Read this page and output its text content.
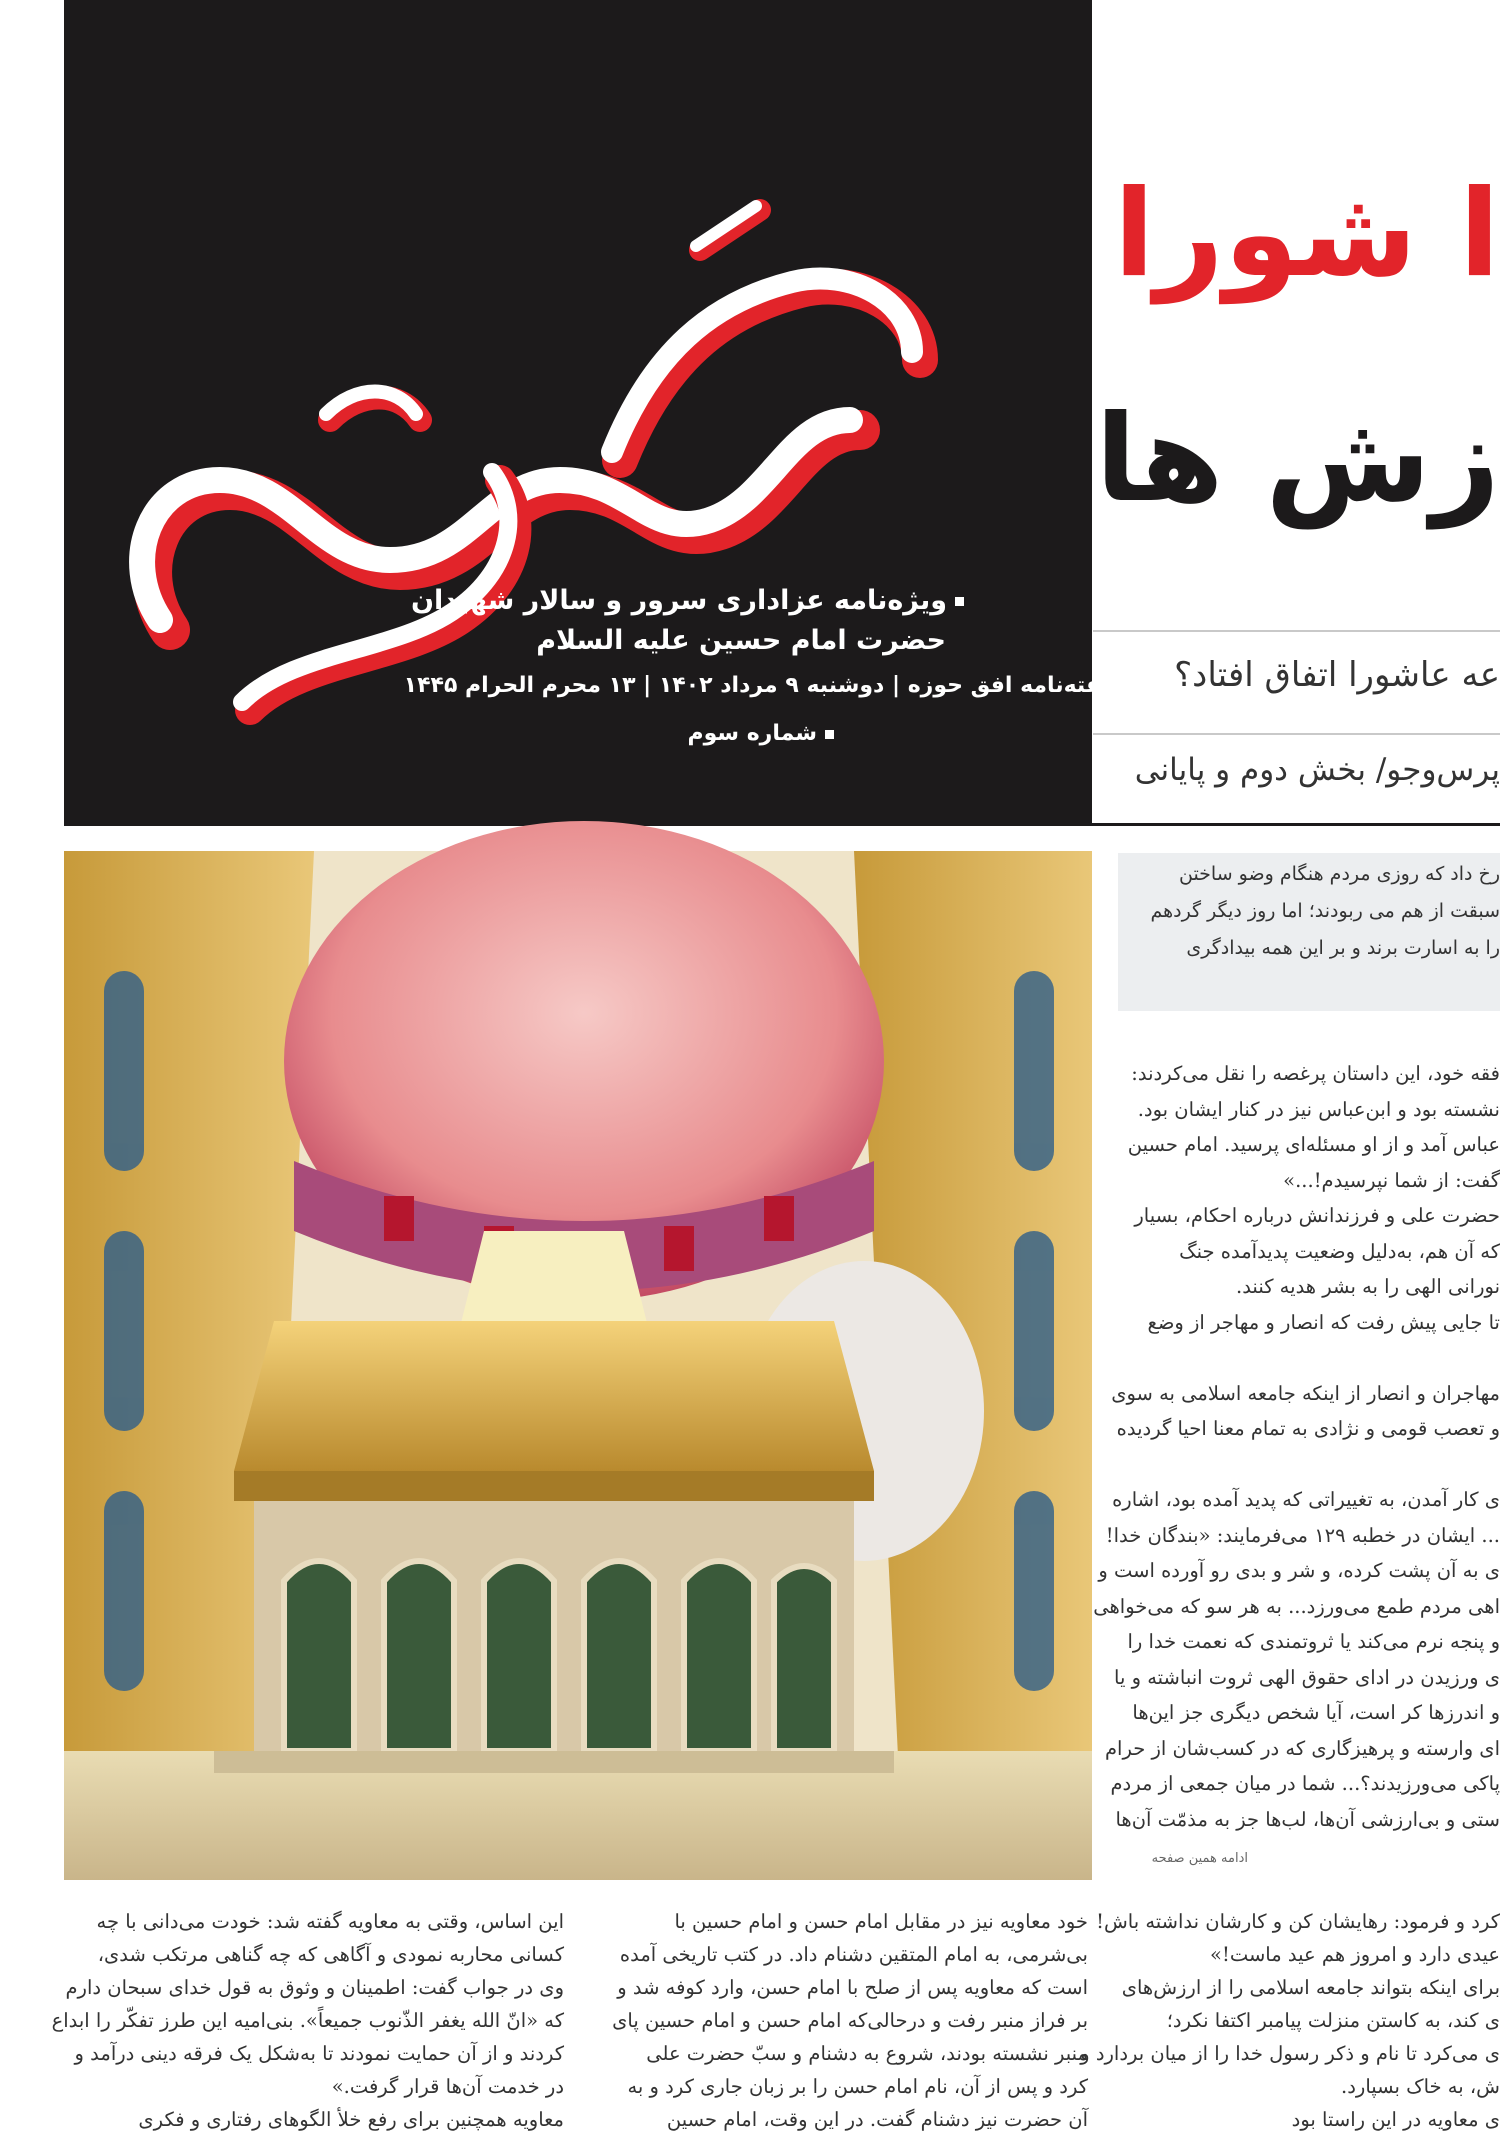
حماسه حسینی
ویژه‌نامه عزاداری سرور و سالار شهیدان
حضرت امام حسین علیه السلام
هفته‌نامه افق حوزه | دوشنبه ۹ مرداد ۱۴۰۲ | ۱۳ محرم الحرام ۱۴۴۵
شماره سوم
ا شورا
زش ها
عه عاشورا اتفاق افتاد؟
پرس‌و‌جو/ بخش دوم و پایانی
رخ داد که روزی مردم هنگام وضو ساختن
سبقت از هم می ربودند؛ اما روز دیگر گردهم
را به اسارت برند و بر این همه بیدادگری
فقه خود، این داستان پرغصه را نقل می‌کردند:
نشسته بود و ابن‌عباس نیز در کنار ایشان بود.
عباس آمد و از او مسئله‌ای پرسید. امام حسین
گفت: از شما نپرسیدم!...»
حضرت علی و فرزندانش درباره احکام، بسیار
که آن هم، به‌دلیل وضعیت پدیدآمده جنگ
نورانی الهی را به بشر هدیه کنند.
تا جایی پیش رفت که انصار و مهاجر از وضع
مهاجران و انصار از اینکه جامعه اسلامی به سوی
و تعصب قومی و نژادی به تمام معنا احیا گردیده
ی کار آمدن، به تغییراتی که پدید آمده بود، اشاره
... ایشان در خطبه ۱۲۹ می‌فرمایند: «بندگان خدا!
ی به آن پشت کرده، و شر و بدی رو آورده است و
اهی مردم طمع می‌ورزد... به هر سو که می‌خواهی
و پنجه نرم می‌کند یا ثروتمندی که نعمت خدا را
ی ورزیدن در ادای حقوق الهی ثروت انباشته و یا
و اندرزها کر است، آیا شخص دیگری جز این‌ها
ای وارسته و پرهیزگاری که در کسب‌شان از حرام
پاکی می‌ورزیدند؟... شما در میان جمعی از مردم
ستی و بی‌ارزشی آن‌ها، لب‌ها جز به مذمّت آن‌ها
ادامه همین صفحه
این اساس، وقتی به معاویه گفته شد: خودت می‌دانی با چه
کسانی محاربه نمودی و آگاهی که چه گناهی مرتکب شدی،
وی در جواب گفت: اطمینان و وثوق به قول خدای سبحان دارم
که «انّ الله یغفر الذّنوب جمیعاً». بنی‌امیه این طرز تفکّر را ابداع
کردند و از آن حمایت نمودند تا به‌شکل یک فرقه دینی درآمد و
در خدمت آن‌ها قرار گرفت.»
معاویه همچنین برای رفع خلأ الگوهای رفتاری و فکری
خود معاویه نیز در مقابل امام حسن و امام حسین با
بی‌شرمی، به امام المتقین دشنام داد. در کتب تاریخی آمده
است که معاویه پس از صلح با امام حسن، وارد کوفه شد و
بر فراز منبر رفت و درحالی‌که امام حسن و امام حسین پای
منبر نشسته بودند، شروع به دشنام و سبّ حضرت علی
کرد و پس از آن، نام امام حسن را بر زبان جاری کرد و به
آن حضرت نیز دشنام گفت. در این وقت، امام حسین
کرد و فرمود: رهایشان کن و کارشان نداشته باش!
عیدی دارد و امروز هم عید ماست!»
برای اینکه بتواند جامعه اسلامی را از ارزش‌های
ی کند، به کاستن منزلت پیامبر اکتفا نکرد؛
ی می‌کرد تا نام و ذکر رسول خدا را از میان بردارد و
ش، به خاک بسپارد.
ی معاویه در این راستا بود
